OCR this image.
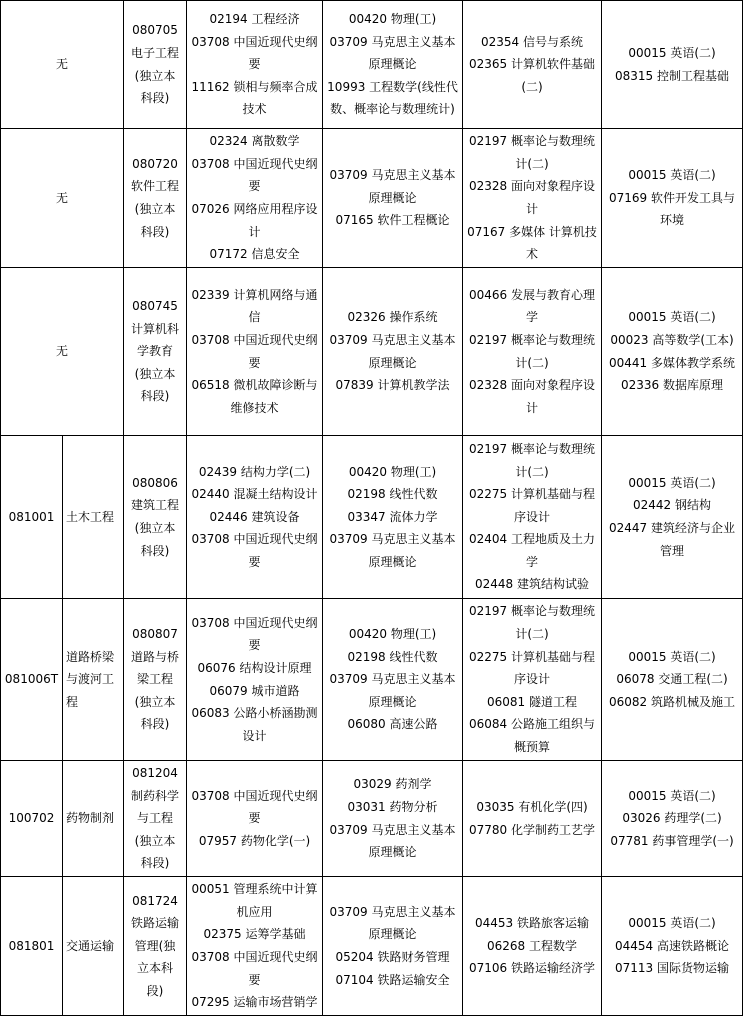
无		080705
电子工程
(独立本
科段)	02194 工程经济
03708 中国近现代史纲要
11162 锁相与频率合成技术	00420 物理(工)
03709 马克思主义基本原理概论
10993 工程数学(线性代数、概率论与数理统计)	02354 信号与系统
02365 计算机软件基础(二)	00015 英语(二)
08315 控制工程基础

无		080720
软件工程
(独立本
科段)	02324 离散数学
03708 中国近现代史纲要
07026 网络应用程序设计
07172 信息安全	03709 马克思主义基本原理概论
07165 软件工程概论	02197 概率论与数理统计(二)
02328 面向对象程序设计
07167 多媒体 计算机技术	00015 英语(二)
07169 软件开发工具与环境

无		080745
计算机科
学教育
(独立本
科段)	02339 计算机网络与通信
03708 中国近现代史纲要
06518 微机故障诊断与维修技术	02326 操作系统
03709 马克思主义基本原理概论
07839 计算机教学法	00466 发展与教育心理学
02197 概率论与数理统计(二)
02328 面向对象程序设计	00015 英语(二)
00023 高等数学(工本)
00441 多媒体教学系统
02336 数据库原理

081001	土木工程	080806
建筑工程
(独立本
科段)	02439 结构力学(二)
02440 混凝土结构设计
02446 建筑设备
03708 中国近现代史纲要	00420 物理(工)
02198 线性代数
03347 流体力学
03709 马克思主义基本原理概论	02197 概率论与数理统计(二)
02275 计算机基础与程序设计
02404 工程地质及土力学
02448 建筑结构试验	00015 英语(二)
02442 钢结构
02447 建筑经济与企业管理

081006T	道路桥梁与渡河工程	080807
道路与桥
梁工程
(独立本
科段)	03708 中国近现代史纲要
06076 结构设计原理
06079 城市道路
06083 公路小桥涵勘测设计	00420 物理(工)
02198 线性代数
03709 马克思主义基本原理概论
06080 高速公路	02197 概率论与数理统计(二)
02275 计算机基础与程序设计
06081 隧道工程
06084 公路施工组织与概预算	00015 英语(二)
06078 交通工程(二)
06082 筑路机械及施工

100702	药物制剂	081204
制药科学
与工程
(独立本
科段)	03708 中国近现代史纲要
07957 药物化学(一)	03029 药剂学
03031 药物分析
03709 马克思主义基本原理概论	03035 有机化学(四)
07780 化学制药工艺学	00015 英语(二)
03026 药理学(二)
07781 药事管理学(一)

081801	交通运输	081724
铁路运输
管理(独
立本科
段)	00051 管理系统中计算机应用
02375 运筹学基础
03708 中国近现代史纲要
07295 运输市场营销学	03709 马克思主义基本原理概论
05204 铁路财务管理
07104 铁路运输安全	04453 铁路旅客运输
06268 工程数学
07106 铁路运输经济学	00015 英语(二)
04454 高速铁路概论
07113 国际货物运输
